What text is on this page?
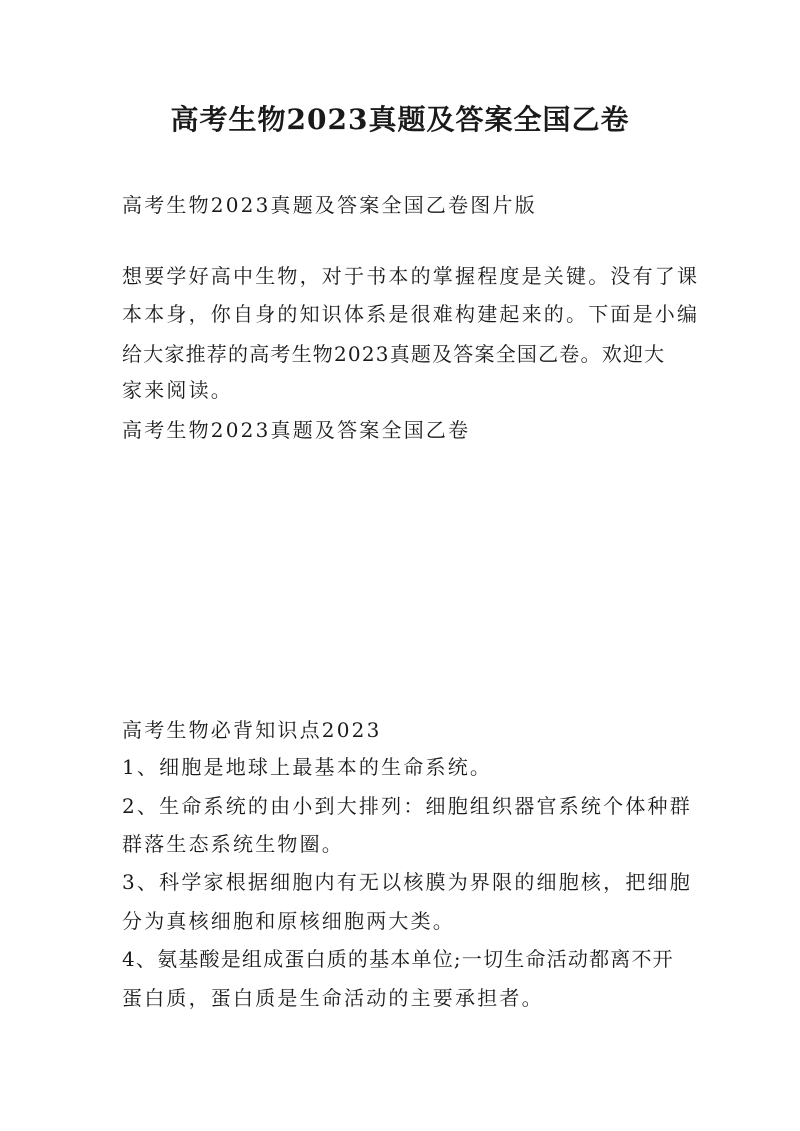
高考生物2023真题及答案全国乙卷
高考生物2023真题及答案全国乙卷图片版
想要学好高中生物，对于书本的掌握程度是关键。没有了课
本本身，你自身的知识体系是很难构建起来的。下面是小编
给大家推荐的高考生物2023真题及答案全国乙卷。欢迎大
家来阅读。
高考生物2023真题及答案全国乙卷
高考生物必背知识点2023
1、细胞是地球上最基本的生命系统。
2、生命系统的由小到大排列：细胞组织器官系统个体种群
群落生态系统生物圈。
3、科学家根据细胞内有无以核膜为界限的细胞核，把细胞
分为真核细胞和原核细胞两大类。
4、氨基酸是组成蛋白质的基本单位;一切生命活动都离不开
蛋白质，蛋白质是生命活动的主要承担者。
